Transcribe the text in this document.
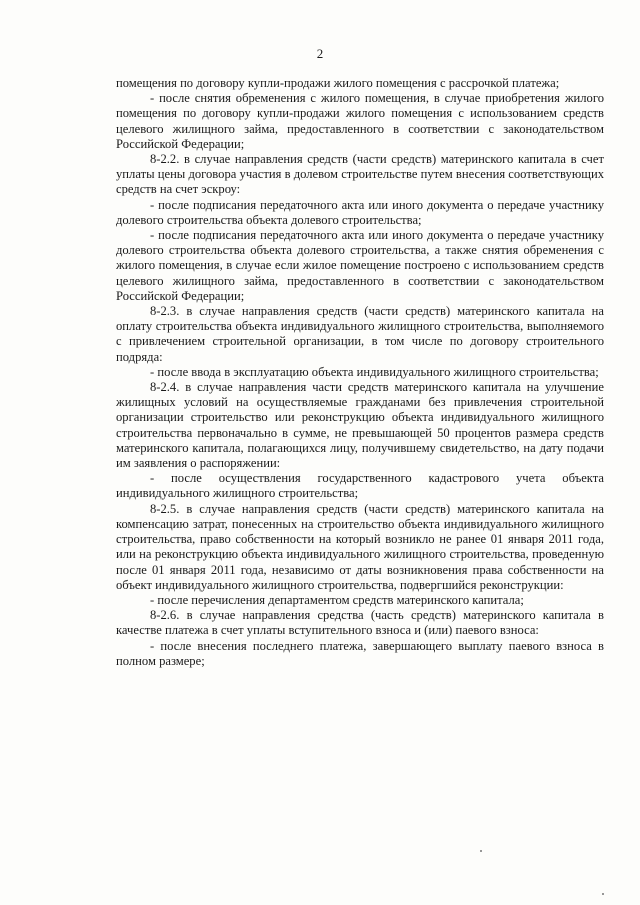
2

помещения по договору купли-продажи жилого помещения с рассрочкой платежа;

- после снятия обременения с жилого помещения, в случае приобретения жилого помещения по договору купли-продажи жилого помещения с использованием средств целевого жилищного займа, предоставленного в соответствии с законодательством Российской Федерации;

8-2.2. в случае направления средств (части средств) материнского капитала в счет уплаты цены договора участия в долевом строительстве путем внесения соответствующих средств на счет эскроу:

- после подписания передаточного акта или иного документа о передаче участнику долевого строительства объекта долевого строительства;

- после подписания передаточного акта или иного документа о передаче участнику долевого строительства объекта долевого строительства, а также снятия обременения с жилого помещения, в случае если жилое помещение построено с использованием средств целевого жилищного займа, предоставленного в соответствии с законодательством Российской Федерации;

8-2.3. в случае направления средств (части средств) материнского капитала на оплату строительства объекта индивидуального жилищного строительства, выполняемого с привлечением строительной организации, в том числе по договору строительного подряда:

- после ввода в эксплуатацию объекта индивидуального жилищного строительства;

8-2.4. в случае направления части средств материнского капитала на улучшение жилищных условий на осуществляемые гражданами без привлечения строительной организации строительство или реконструкцию объекта индивидуального жилищного строительства первоначально в сумме, не превышающей 50 процентов размера средств материнского капитала, полагающихся лицу, получившему свидетельство, на дату подачи им заявления о распоряжении:

- после осуществления государственного кадастрового учета объекта индивидуального жилищного строительства;

8-2.5. в случае направления средств (части средств) материнского капитала на компенсацию затрат, понесенных на строительство объекта индивидуального жилищного строительства, право собственности на который возникло не ранее 01 января 2011 года, или на реконструкцию объекта индивидуального жилищного строительства, проведенную после 01 января 2011 года, независимо от даты возникновения права собственности на объект индивидуального жилищного строительства, подвергшийся реконструкции:

- после перечисления департаментом средств материнского капитала;

8-2.6. в случае направления средства (часть средств) материнского капитала в качестве платежа в счет уплаты вступительного взноса и (или) паевого взноса:

- после внесения последнего платежа, завершающего выплату паевого взноса в полном размере;
